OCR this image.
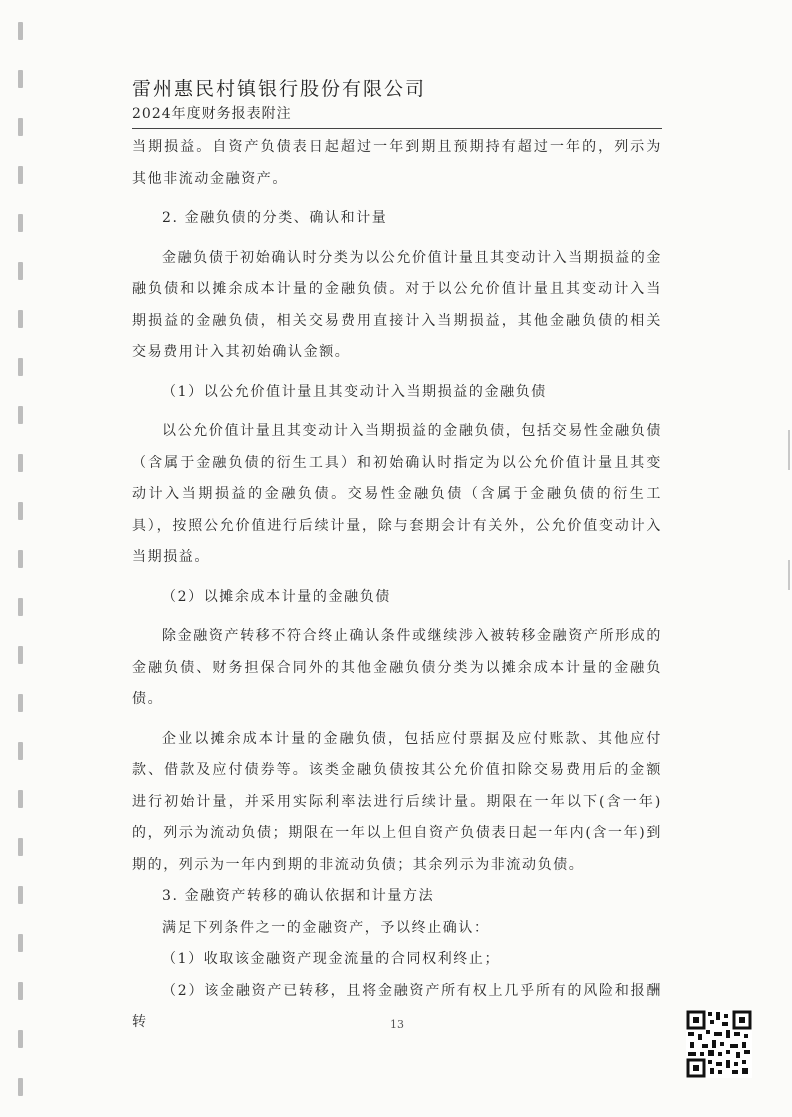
雷州惠民村镇银行股份有限公司
2024年度财务报表附注

当期损益。自资产负债表日起超过一年到期且预期持有超过一年的，列示为其他非流动金融资产。

2. 金融负债的分类、确认和计量

金融负债于初始确认时分类为以公允价值计量且其变动计入当期损益的金融负债和以摊余成本计量的金融负债。对于以公允价值计量且其变动计入当期损益的金融负债，相关交易费用直接计入当期损益，其他金融负债的相关交易费用计入其初始确认金额。

（1）以公允价值计量且其变动计入当期损益的金融负债

以公允价值计量且其变动计入当期损益的金融负债，包括交易性金融负债（含属于金融负债的衍生工具）和初始确认时指定为以公允价值计量且其变动计入当期损益的金融负债。交易性金融负债（含属于金融负债的衍生工具），按照公允价值进行后续计量，除与套期会计有关外，公允价值变动计入当期损益。

（2）以摊余成本计量的金融负债

除金融资产转移不符合终止确认条件或继续涉入被转移金融资产所形成的金融负债、财务担保合同外的其他金融负债分类为以摊余成本计量的金融负债。

企业以摊余成本计量的金融负债，包括应付票据及应付账款、其他应付款、借款及应付债券等。该类金融负债按其公允价值扣除交易费用后的金额进行初始计量，并采用实际利率法进行后续计量。期限在一年以下(含一年)的，列示为流动负债；期限在一年以上但自资产负债表日起一年内(含一年)到期的，列示为一年内到期的非流动负债；其余列示为非流动负债。

3. 金融资产转移的确认依据和计量方法

满足下列条件之一的金融资产，予以终止确认：

（1）收取该金融资产现金流量的合同权利终止；

（2）该金融资产已转移，且将金融资产所有权上几乎所有的风险和报酬转	13
